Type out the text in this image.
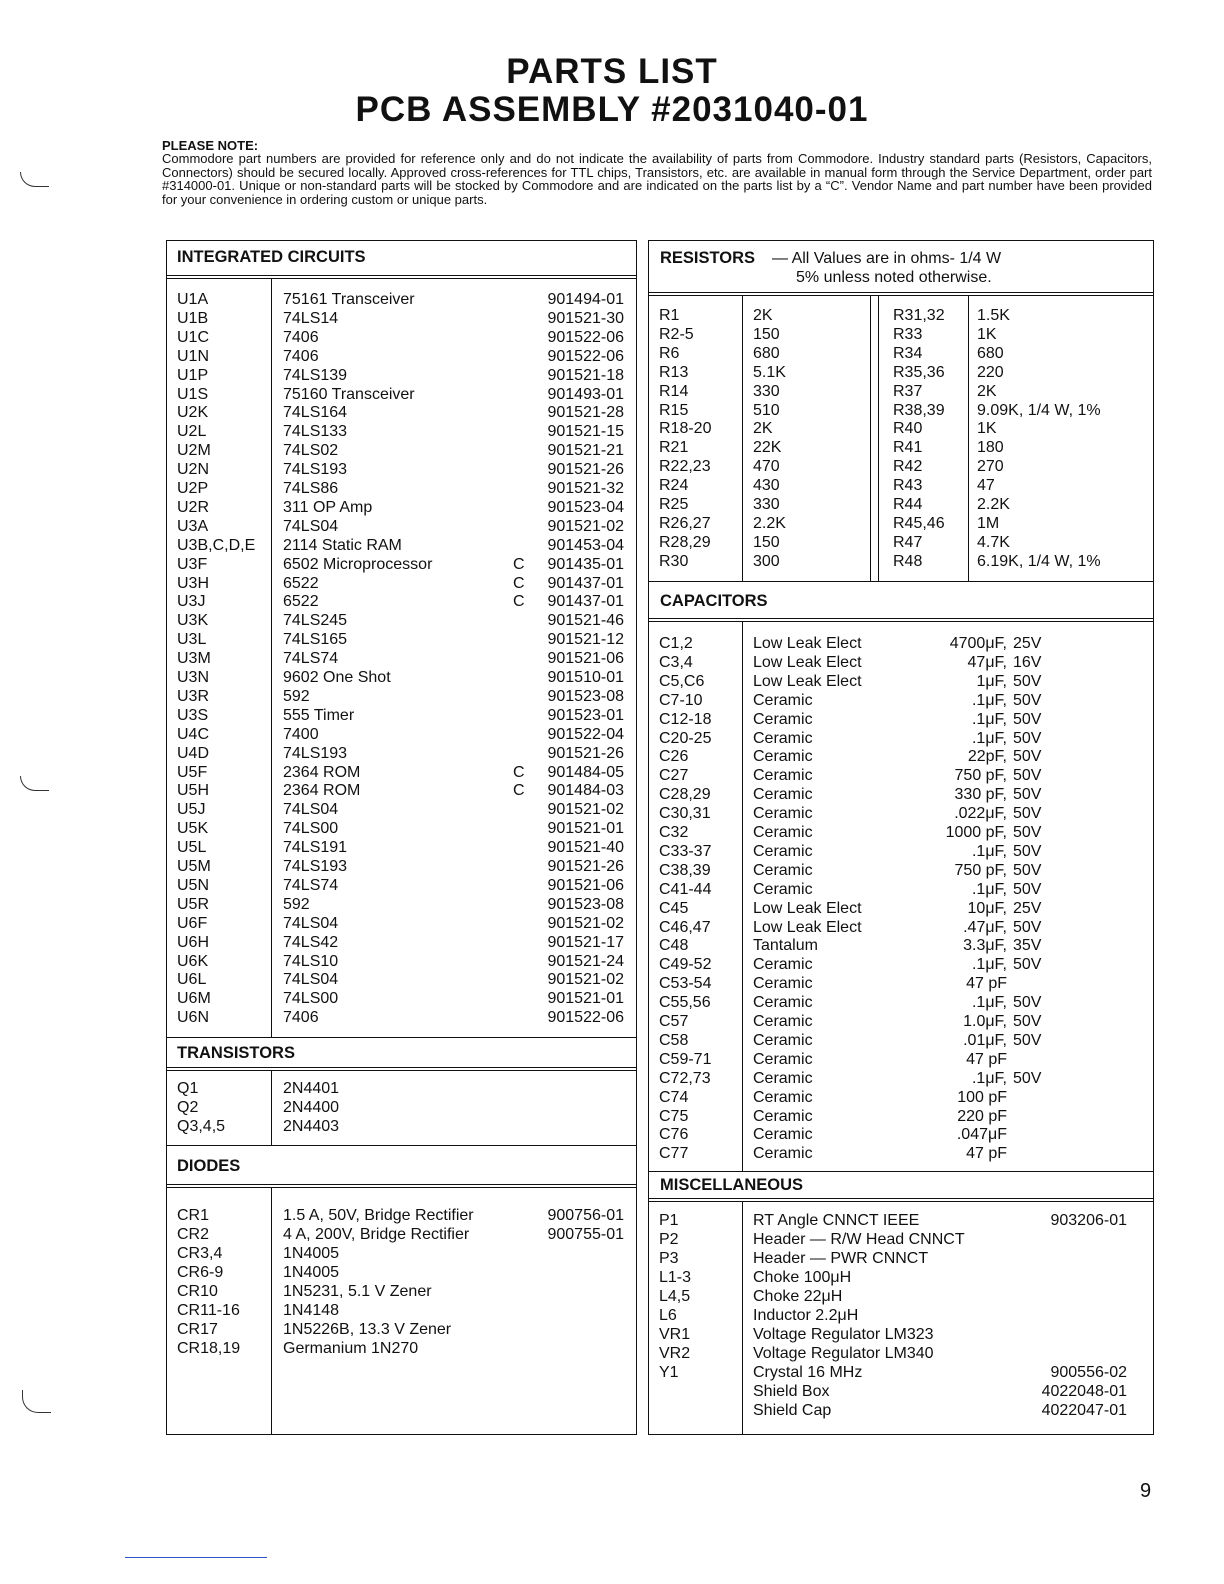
PARTS LIST
PCB ASSEMBLY #2031040-01
PLEASE NOTE:
Commodore part numbers are provided for reference only and do not indicate the availability of parts from Commodore. Industry standard parts (Resistors, Capacitors, Connectors) should be secured locally. Approved cross-references for TTL chips, Transistors, etc. are available in manual form through the Service Department, order part #314000-01. Unique or non-standard parts will be stocked by Commodore and are indicated on the parts list by a “C”. Vendor Name and part number have been provided for your convenience in ordering custom or unique parts.
INTEGRATED CIRCUITS
U1A	75161 Transceiver	901494-01
U1B	74LS14	901521-30
U1C	7406	901522-06
U1N	7406	901522-06
U1P	74LS139	901521-18
U1S	75160 Transceiver	901493-01
U2K	74LS164	901521-28
U2L	74LS133	901521-15
U2M	74LS02	901521-21
U2N	74LS193	901521-26
U2P	74LS86	901521-32
U2R	311 OP Amp	901523-04
U3A	74LS04	901521-02
U3B,C,D,E 2114 Static RAM	901453-04
U3F	6502 Microprocessor	C 901435-01
U3H	6522	C 901437-01
U3J	6522	C 901437-01
U3K	74LS245	901521-46
U3L	74LS165	901521-12
U3M	74LS74	901521-06
U3N	9602 One Shot	901510-01
U3R	592	901523-08
U3S	555 Timer	901523-01
U4C	7400	901522-04
U4D	74LS193	901521-26
U5F	2364 ROM	C 901484-05
U5H	2364 ROM	C 901484-03
U5J	74LS04	901521-02
U5K	74LS00	901521-01
U5L	74LS191	901521-40
U5M	74LS193	901521-26
U5N	74LS74	901521-06
U5R	592	901523-08
U6F	74LS04	901521-02
U6H	74LS42	901521-17
U6K	74LS10	901521-24
U6L	74LS04	901521-02
U6M	74LS00	901521-01
U6N	7406	901522-06
TRANSISTORS
Q1	2N4401
Q2	2N4400
Q3,4,5	2N4403
DIODES
CR1	1.5 A, 50V, Bridge Rectifier	900756-01
CR2	4 A, 200V, Bridge Rectifier	900755-01
CR3,4	1N4005
CR6-9	1N4005
CR10	1N5231, 5.1 V Zener
CR11-16	1N4148
CR17	1N5226B, 13.3 V Zener
CR18,19	Germanium 1N270
RESISTORS — All Values are in ohms- 1/4 W
5% unless noted otherwise.
R1	2K
R2-5	150
R6	680
R13	5.1K
R14	330
R15	510
R18-20	2K
R21	22K
R22,23	470
R24	430
R25	330
R26,27	2.2K
R28,29	150
R30	300
R31,32 1.5K
R33	1K
R34	680
R35,36 220
R37	2K
R38,39 9.09K, 1/4 W, 1%
R40	1K
R41	180
R42	270
R43	47
R44	2.2K
R45,46 1M
R47	4.7K
R48	6.19K, 1/4 W, 1%
CAPACITORS
C1,2	Low Leak Elect	4700μF, 25V
C3,4	Low Leak Elect	47μF, 16V
C5,C6	Low Leak Elect	1μF, 50V
C7-10	Ceramic	.1μF, 50V
C12-18	Ceramic	.1μF, 50V
C20-25	Ceramic	.1μF, 50V
C26	Ceramic	22pF, 50V
C27	Ceramic	750 pF, 50V
C28,29	Ceramic	330 pF, 50V
C30,31	Ceramic	.022μF, 50V
C32	Ceramic	1000 pF, 50V
C33-37	Ceramic	.1μF, 50V
C38,39	Ceramic	750 pF, 50V
C41-44	Ceramic	.1μF, 50V
C45	Low Leak Elect	10μF, 25V
C46,47	Low Leak Elect	.47μF, 50V
C48	Tantalum	3.3μF, 35V
C49-52	Ceramic	.1μF, 50V
C53-54	Ceramic	47 pF
C55,56	Ceramic	.1μF, 50V
C57	Ceramic	1.0μF, 50V
C58	Ceramic	.01μF, 50V
C59-71	Ceramic	47 pF
C72,73	Ceramic	.1μF, 50V
C74	Ceramic	100 pF
C75	Ceramic	220 pF
C76	Ceramic	.047μF
C77	Ceramic	47 pF
MISCELLANEOUS
P1	RT Angle CNNCT IEEE	903206-01
P2	Header — R/W Head CNNCT
P3	Header — PWR CNNCT
L1-3	Choke 100μH
L4,5	Choke 22μH
L6	Inductor 2.2μH
VR1	Voltage Regulator LM323
VR2	Voltage Regulator LM340
Y1	Crystal 16 MHz	900556-02
Shield Box	4022048-01
Shield Cap	4022047-01
9
